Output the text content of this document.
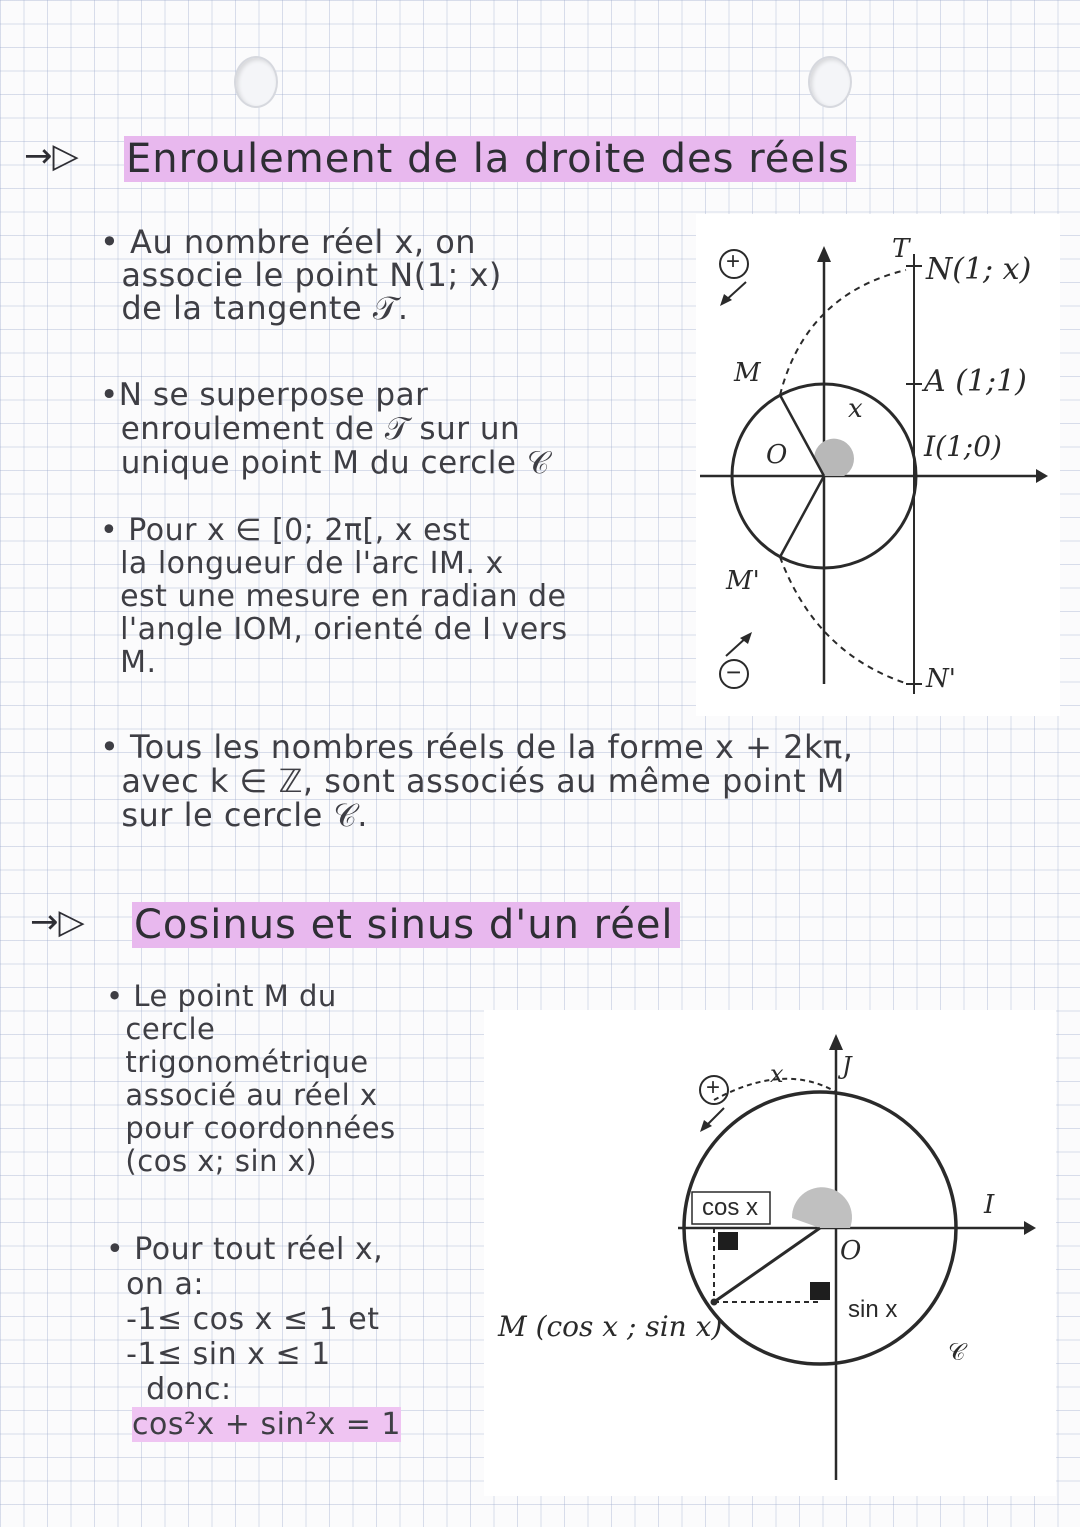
→▷ Enroulement de la droite des réels
• Au nombre réel x, on
associe le point N(1; x)
de la tangente 𝒯.
•N se superpose par
enroulement de 𝒯 sur un
unique point M du cercle 𝒞
• Pour x ∈ [0; 2π[, x est
la longueur de l'arc IM. x
est une mesure en radian de
l'angle IOM, orienté de I vers
M.
• Tous les nombres réels de la forme x + 2kπ,
avec k ∈ ℤ, sont associés au même point M
sur le cercle 𝒞.
+
−
T
N(1; x)
M	A (1;1)
x
O	I(1;0)
M'
N'
→▷ Cosinus et sinus d'un réel
• Le point M du
cercle
trigonométrique
associé au réel x
pour coordonnées
(cos x; sin x)
• Pour tout réel x,
on a:
-1≤ cos x ≤ 1 et
-1≤ sin x ≤ 1
donc:
cos²x + sin²x = 1
+ x J
cos x	I
O
sin x
M (cos x ; sin x)
𝒞
